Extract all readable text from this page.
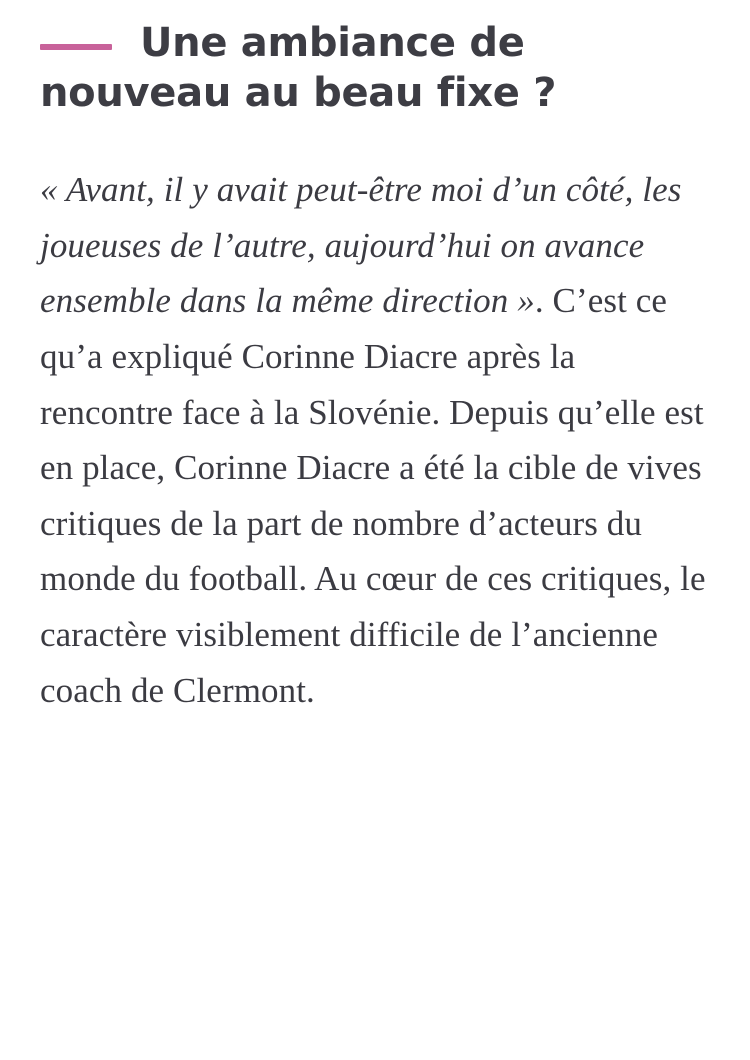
Une ambiance de nouveau au beau fixe ?

« Avant, il y avait peut-être moi d’un côté, les joueuses de l’autre, aujourd’hui on avance ensemble dans la même direction ». C’est ce qu’a expliqué Corinne Diacre après la rencontre face à la Slovénie. Depuis qu’elle est en place, Corinne Diacre a été la cible de vives critiques de la part de nombre d’acteurs du monde du football. Au cœur de ces critiques, le caractère visiblement difficile de l’ancienne coach de Clermont.
